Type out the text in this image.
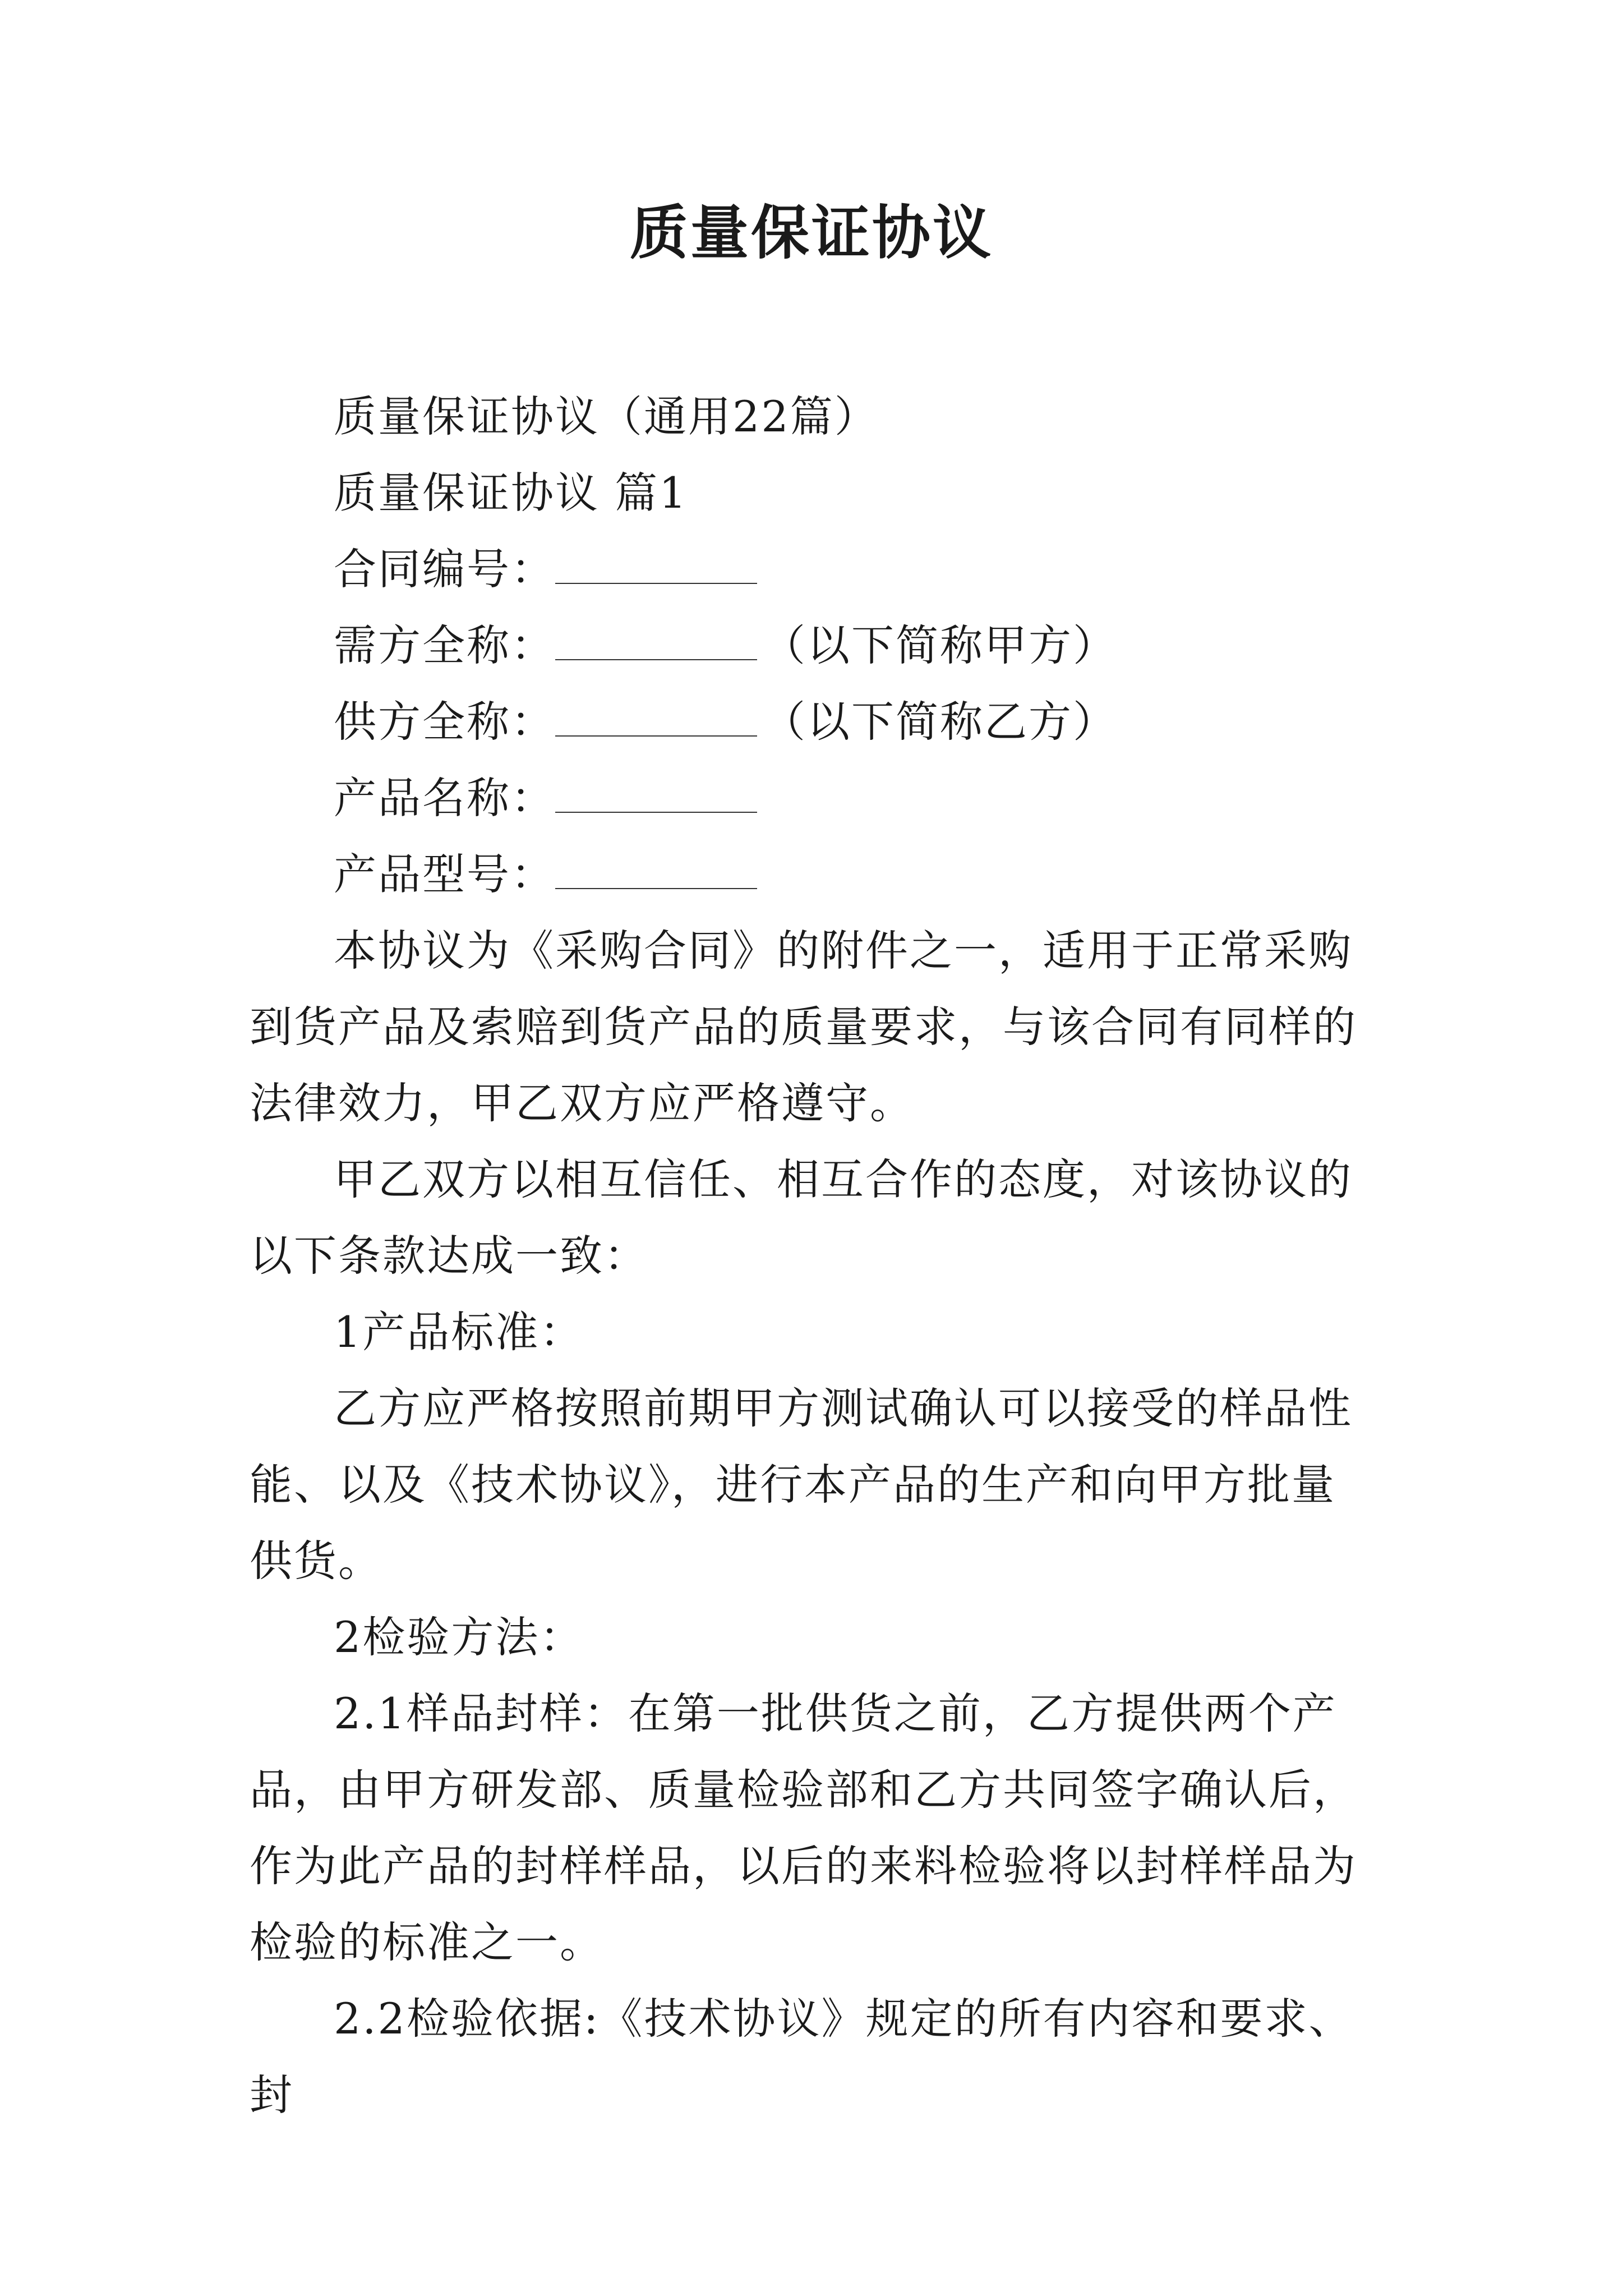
质量保证协议
质量保证协议（通用22篇）
质量保证协议 篇1
合同编号：
需方全称：	（以下简称甲方）
供方全称：	（以下简称乙方）
产品名称：
产品型号：

本协议为《采购合同》的附件之一，适用于正常采购到货产品及索赔到货产品的质量要求，与该合同有同样的法律效力，甲乙双方应严格遵守。

甲乙双方以相互信任、相互合作的态度，对该协议的以下条款达成一致：

1产品标准：

乙方应严格按照前期甲方测试确认可以接受的样品性能、以及《技术协议》，进行本产品的生产和向甲方批量供货。

2检验方法：

2.1样品封样：在第一批供货之前，乙方提供两个产品，由甲方研发部、质量检验部和乙方共同签字确认后，作为此产品的封样样品，以后的来料检验将以封样样品为检验的标准之一。

2.2检验依据:《技术协议》规定的所有内容和要求、封
